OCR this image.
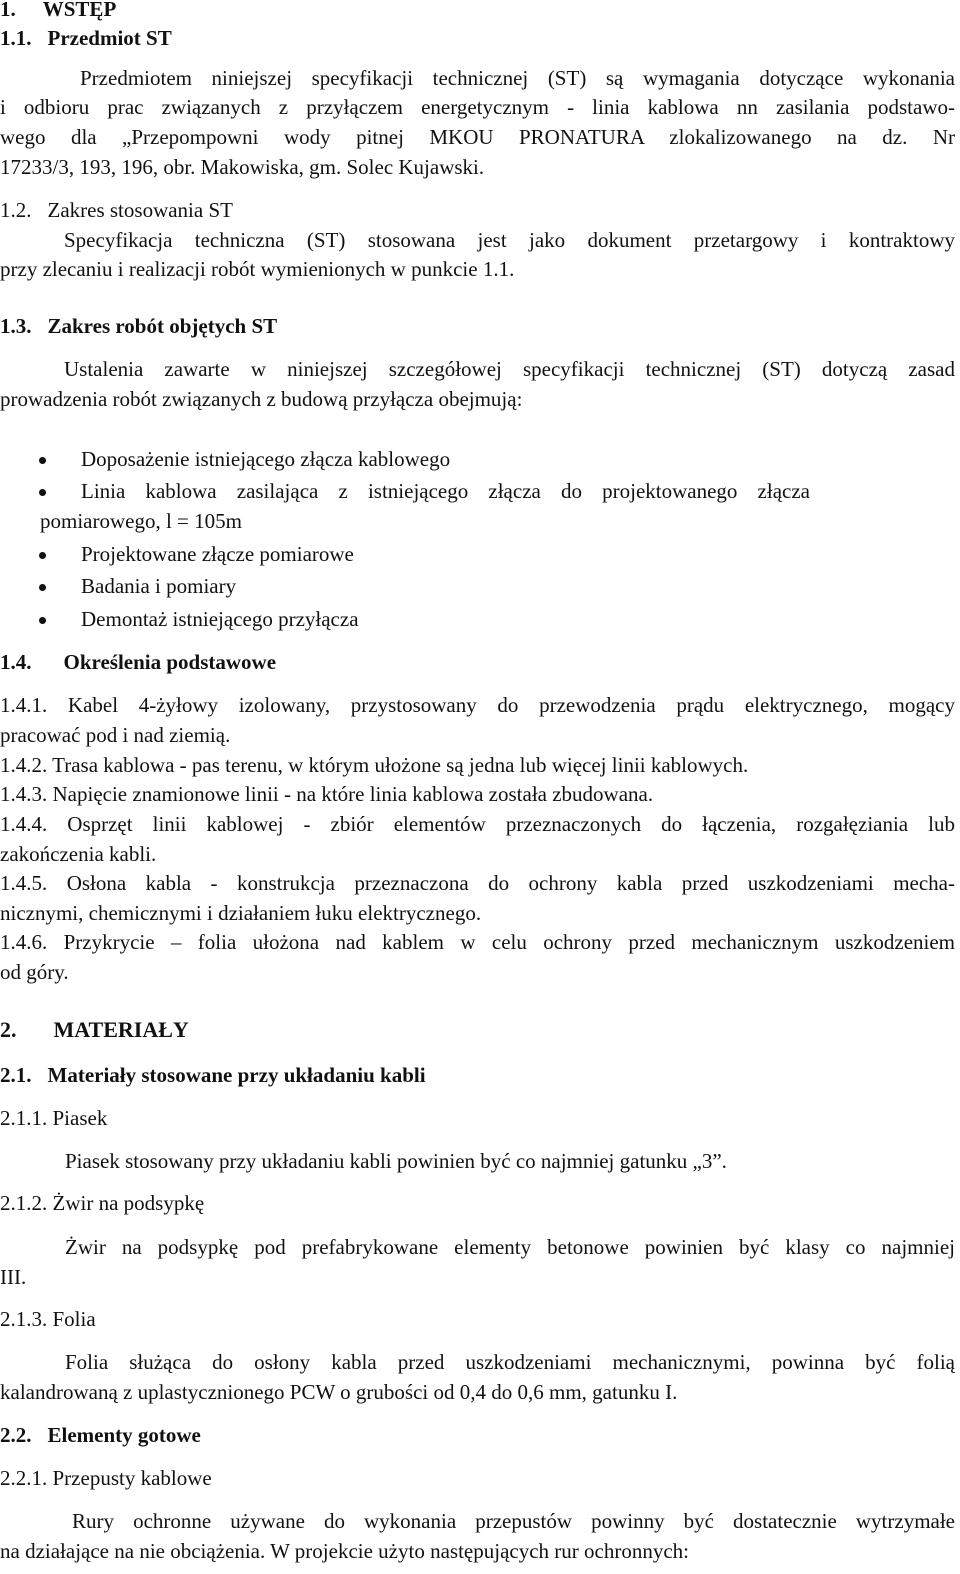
1. WSTĘP
1.1. Przedmiot ST
Przedmiotem niniejszej specyfikacji technicznej (ST) są wymagania dotyczące wykonania
i odbioru prac związanych z przyłączem energetycznym - linia kablowa nn zasilania podstawo-
wego dla „Przepompowni wody pitnej MKOU PRONATURA zlokalizowanego na dz. Nr
17233/3, 193, 196, obr. Makowiska, gm. Solec Kujawski.
1.2. Zakres stosowania ST
Specyfikacja techniczna (ST) stosowana jest jako dokument przetargowy i kontraktowy
przy zlecaniu i realizacji robót wymienionych w punkcie 1.1.
1.3. Zakres robót objętych ST
Ustalenia zawarte w niniejszej szczegółowej specyfikacji technicznej (ST) dotyczą zasad
prowadzenia robót związanych z budową przyłącza obejmują:
Doposażenie istniejącego złącza kablowego
Linia kablowa zasilająca z istniejącego złącza do projektowanego złącza
pomiarowego, l = 105m
Projektowane złącze pomiarowe
Badania i pomiary
Demontaż istniejącego przyłącza
1.4. Określenia podstawowe
1.4.1. Kabel 4-żyłowy izolowany, przystosowany do przewodzenia prądu elektrycznego, mogący
pracować pod i nad ziemią.
1.4.2. Trasa kablowa - pas terenu, w którym ułożone są jedna lub więcej linii kablowych.
1.4.3. Napięcie znamionowe linii - na które linia kablowa została zbudowana.
1.4.4. Osprzęt linii kablowej - zbiór elementów przeznaczonych do łączenia, rozgałęziania lub
zakończenia kabli.
1.4.5. Osłona kabla - konstrukcja przeznaczona do ochrony kabla przed uszkodzeniami mecha-
nicznymi, chemicznymi i działaniem łuku elektrycznego.
1.4.6. Przykrycie – folia ułożona nad kablem w celu ochrony przed mechanicznym uszkodzeniem
od góry.
2. MATERIAŁY
2.1. Materiały stosowane przy układaniu kabli
2.1.1. Piasek
Piasek stosowany przy układaniu kabli powinien być co najmniej gatunku „3”.
2.1.2. Żwir na podsypkę
Żwir na podsypkę pod prefabrykowane elementy betonowe powinien być klasy co najmniej
III.
2.1.3. Folia
Folia służąca do osłony kabla przed uszkodzeniami mechanicznymi, powinna być folią
kalandrowaną z uplastycznionego PCW o grubości od 0,4 do 0,6 mm, gatunku I.
2.2. Elementy gotowe
2.2.1. Przepusty kablowe
Rury ochronne używane do wykonania przepustów powinny być dostatecznie wytrzymałe
na działające na nie obciążenia. W projekcie użyto następujących rur ochronnych:
